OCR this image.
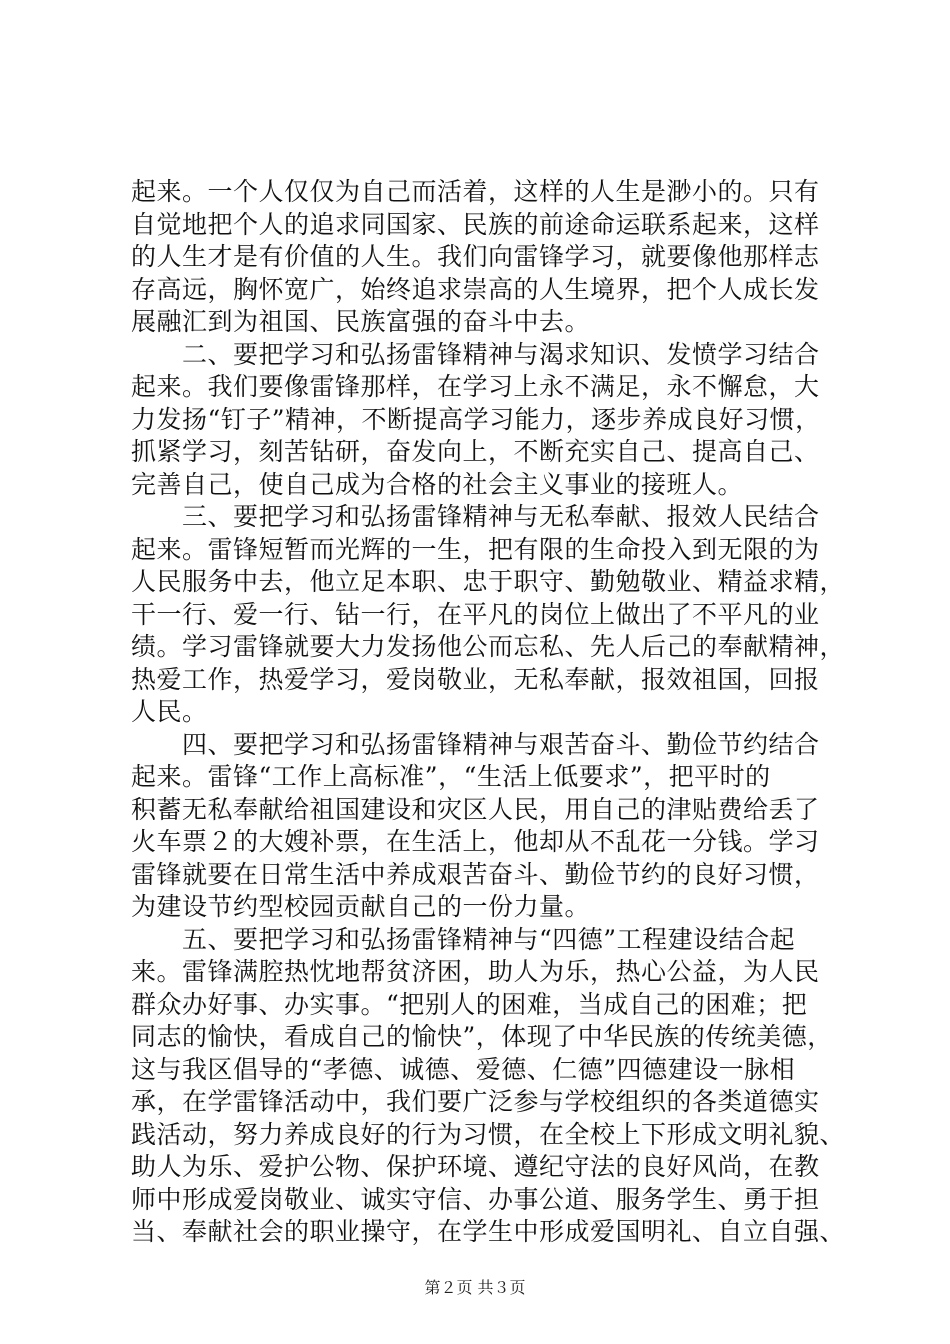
起来。一个人仅仅为自己而活着，这样的人生是渺小的。只有
自觉地把个人的追求同国家、民族的前途命运联系起来，这样
的人生才是有价值的人生。我们向雷锋学习，就要像他那样志
存高远，胸怀宽广，始终追求崇高的人生境界，把个人成长发
展融汇到为祖国、民族富强的奋斗中去。
　　二、要把学习和弘扬雷锋精神与渴求知识、发愤学习结合
起来。我们要像雷锋那样，在学习上永不满足，永不懈怠，大
力发扬“钉子”精神，不断提高学习能力，逐步养成良好习惯，
抓紧学习，刻苦钻研，奋发向上，不断充实自己、提高自己、
完善自己，使自己成为合格的社会主义事业的接班人。
　　三、要把学习和弘扬雷锋精神与无私奉献、报效人民结合
起来。雷锋短暂而光辉的一生，把有限的生命投入到无限的为
人民服务中去，他立足本职、忠于职守、勤勉敬业、精益求精，
干一行、爱一行、钻一行，在平凡的岗位上做出了不平凡的业
绩。学习雷锋就要大力发扬他公而忘私、先人后己的奉献精神，
热爱工作，热爱学习，爱岗敬业，无私奉献，报效祖国，回报
人民。
　　四、要把学习和弘扬雷锋精神与艰苦奋斗、勤俭节约结合
起来。雷锋“工作上高标准”，“生活上低要求”，把平时的
积蓄无私奉献给祖国建设和灾区人民，用自己的津贴费给丢了
火车票２的大嫂补票，在生活上，他却从不乱花一分钱。学习
雷锋就要在日常生活中养成艰苦奋斗、勤俭节约的良好习惯，
为建设节约型校园贡献自己的一份力量。
　　五、要把学习和弘扬雷锋精神与“四德”工程建设结合起
来。雷锋满腔热忱地帮贫济困，助人为乐，热心公益，为人民
群众办好事、办实事。“把别人的困难，当成自己的困难；把
同志的愉快，看成自己的愉快”，体现了中华民族的传统美德，
这与我区倡导的“孝德、诚德、爱德、仁德”四德建设一脉相
承，在学雷锋活动中，我们要广泛参与学校组织的各类道德实
践活动，努力养成良好的行为习惯，在全校上下形成文明礼貌、
助人为乐、爱护公物、保护环境、遵纪守法的良好风尚，在教
师中形成爱岗敬业、诚实守信、办事公道、服务学生、勇于担
当、奉献社会的职业操守，在学生中形成爱国明礼、自立自强、
第２页 共３页
